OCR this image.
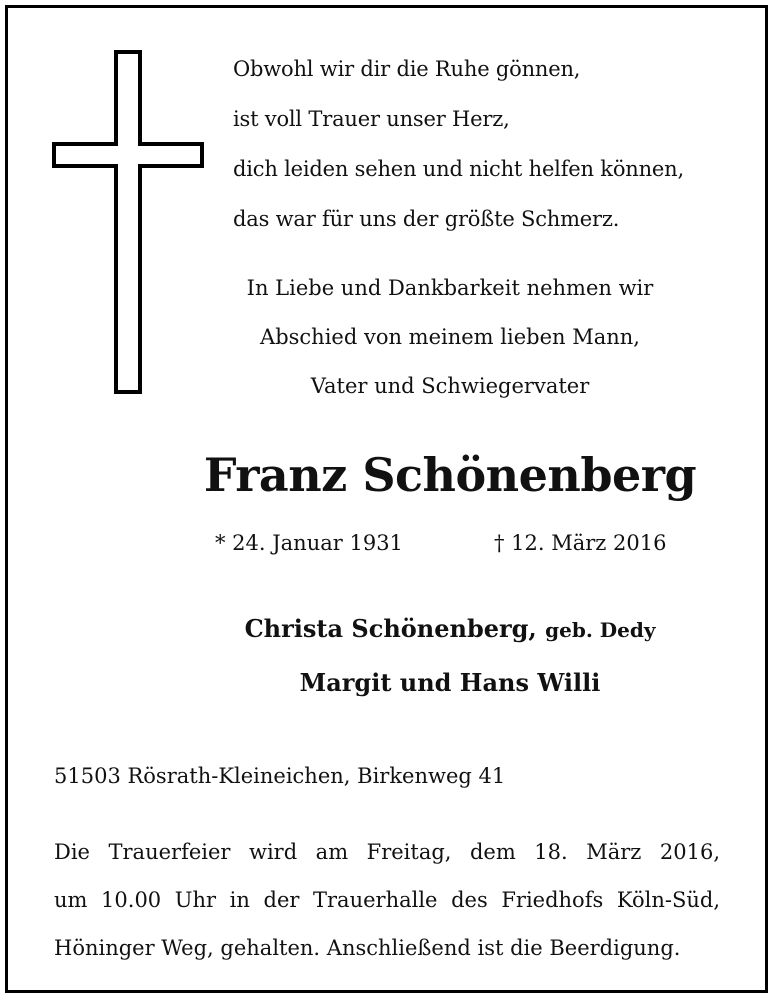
Obwohl wir dir die Ruhe gönnen,
ist voll Trauer unser Herz,
dich leiden sehen und nicht helfen können,
das war für uns der größte Schmerz.
In Liebe und Dankbarkeit nehmen wir
Abschied von meinem lieben Mann,
Vater und Schwiegervater
Franz Schönenberg
* 24. Januar 1931	† 12. März 2016
Christa Schönenberg, geb. Dedy
Margit und Hans Willi
51503 Rösrath-Kleineichen, Birkenweg 41
Die Trauerfeier wird am Freitag, dem 18. März 2016,
um 10.00 Uhr in der Trauerhalle des Friedhofs Köln-Süd,
Höninger Weg, gehalten. Anschließend ist die Beerdigung.
